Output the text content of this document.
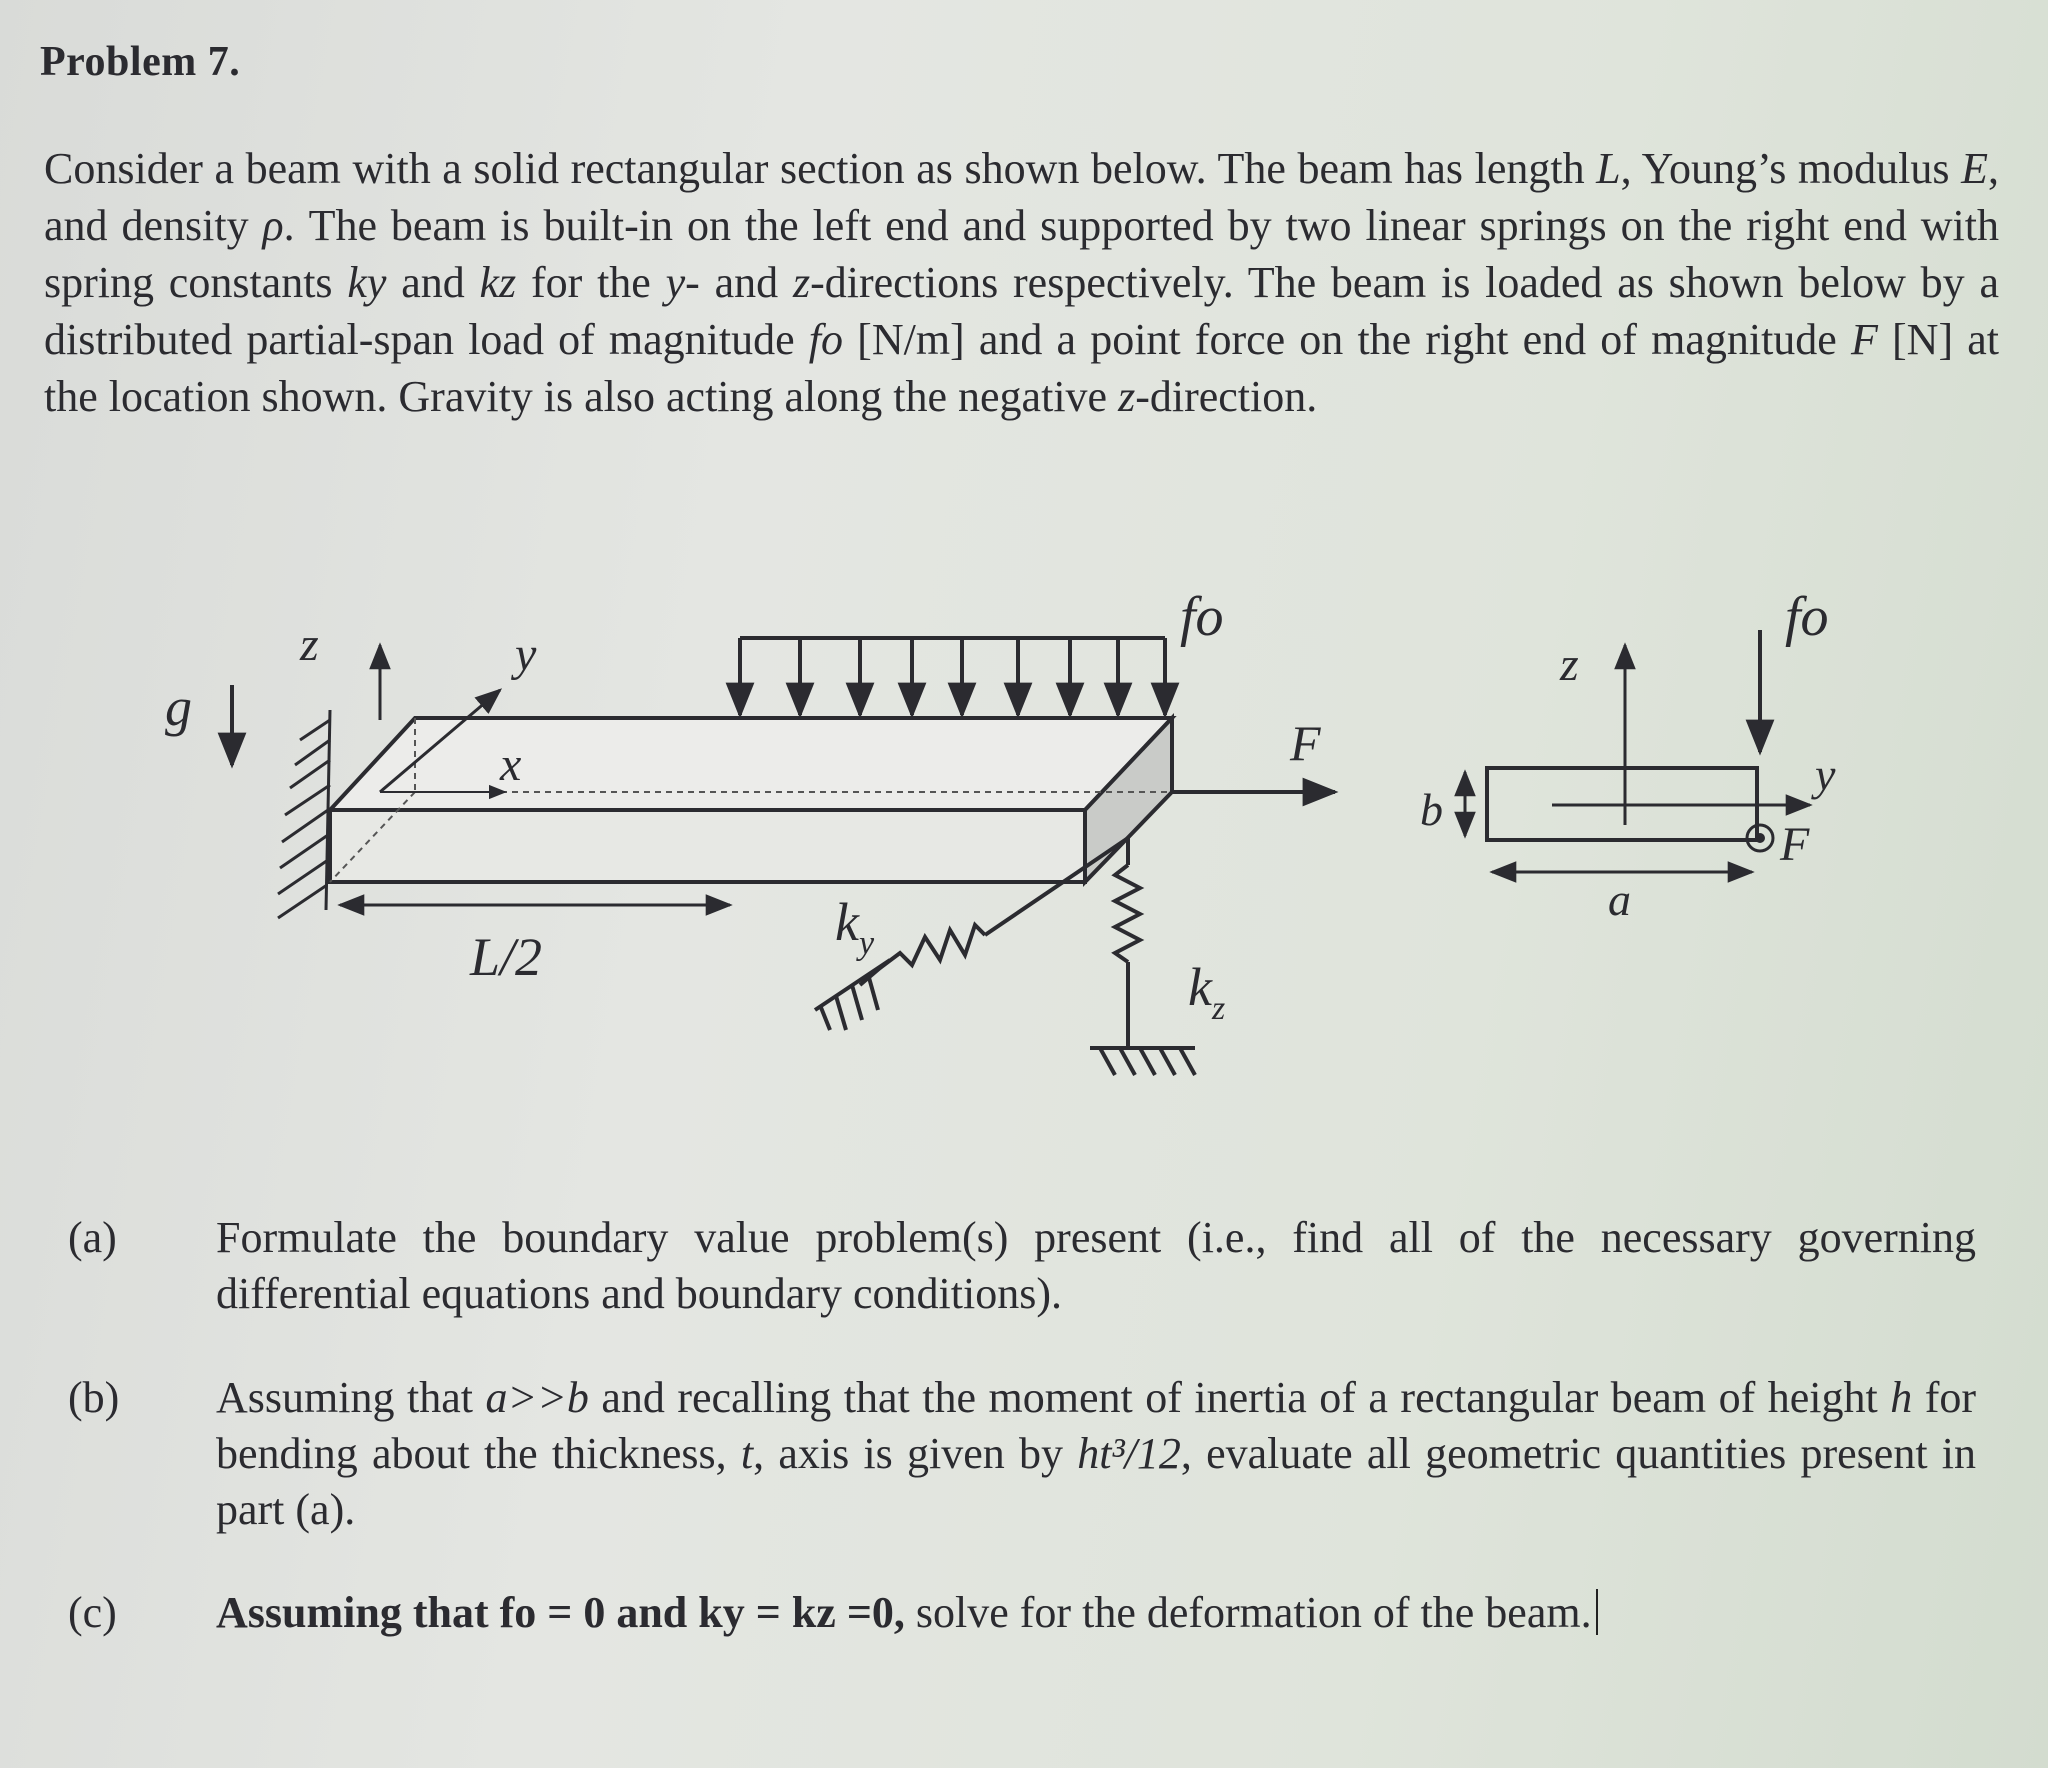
Problem 7.

Consider a beam with a solid rectangular section as shown below. The beam has length L, Young’s modulus E, and density ρ. The beam is built-in on the left end and supported by two linear springs on the right end with spring constants ky and kz for the y- and z-directions respectively. The beam is loaded as shown below by a distributed partial-span load of magnitude fo [N/m] and a point force on the right end of magnitude F [N] at the location shown. Gravity is also acting along the negative z-direction.

g
z	y
x
fo
F
L/2
$k_y$
$k_z$
z
y
fo
F
b
a
(a)	Formulate the boundary value problem(s) present (i.e., find all of the necessary governing differential equations and boundary conditions).
(b)	Assuming that a>>b and recalling that the moment of inertia of a rectangular beam of height h for bending about the thickness, t, axis is given by ht³/12, evaluate all geometric quantities present in part (a).
(c)	Assuming that fo = 0 and ky = kz =0, solve for the deformation of the beam.
